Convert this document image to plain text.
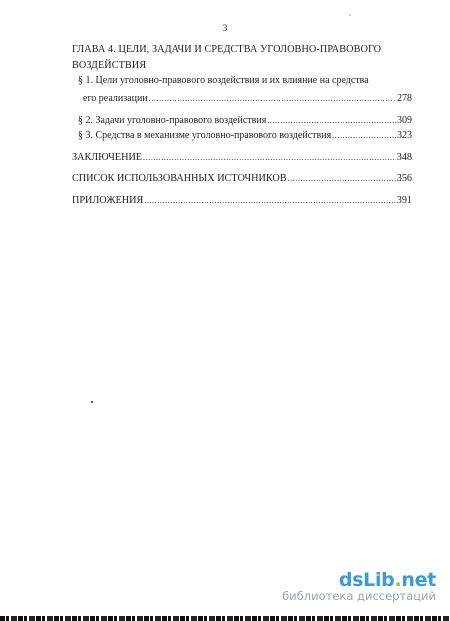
3
ГЛАВА 4. ЦЕЛИ, ЗАДАЧИ И СРЕДСТВА УГОЛОВНО-ПРАВОВОГО ВОЗДЕЙСТВИЯ
§ 1. Цели уголовно-правового воздействия и их влияние на средства
его реализации .....	278
§ 2. Задачи уголовно-правового воздействия .....	309
§ 3. Средства в механизме уголовно-правового воздействия .....	323
ЗАКЛЮЧЕНИЕ .....	348
СПИСОК ИСПОЛЬЗОВАННЫХ ИСТОЧНИКОВ .....	356
ПРИЛОЖЕНИЯ .....	391
dsLib.net
библиотека диссертаций
